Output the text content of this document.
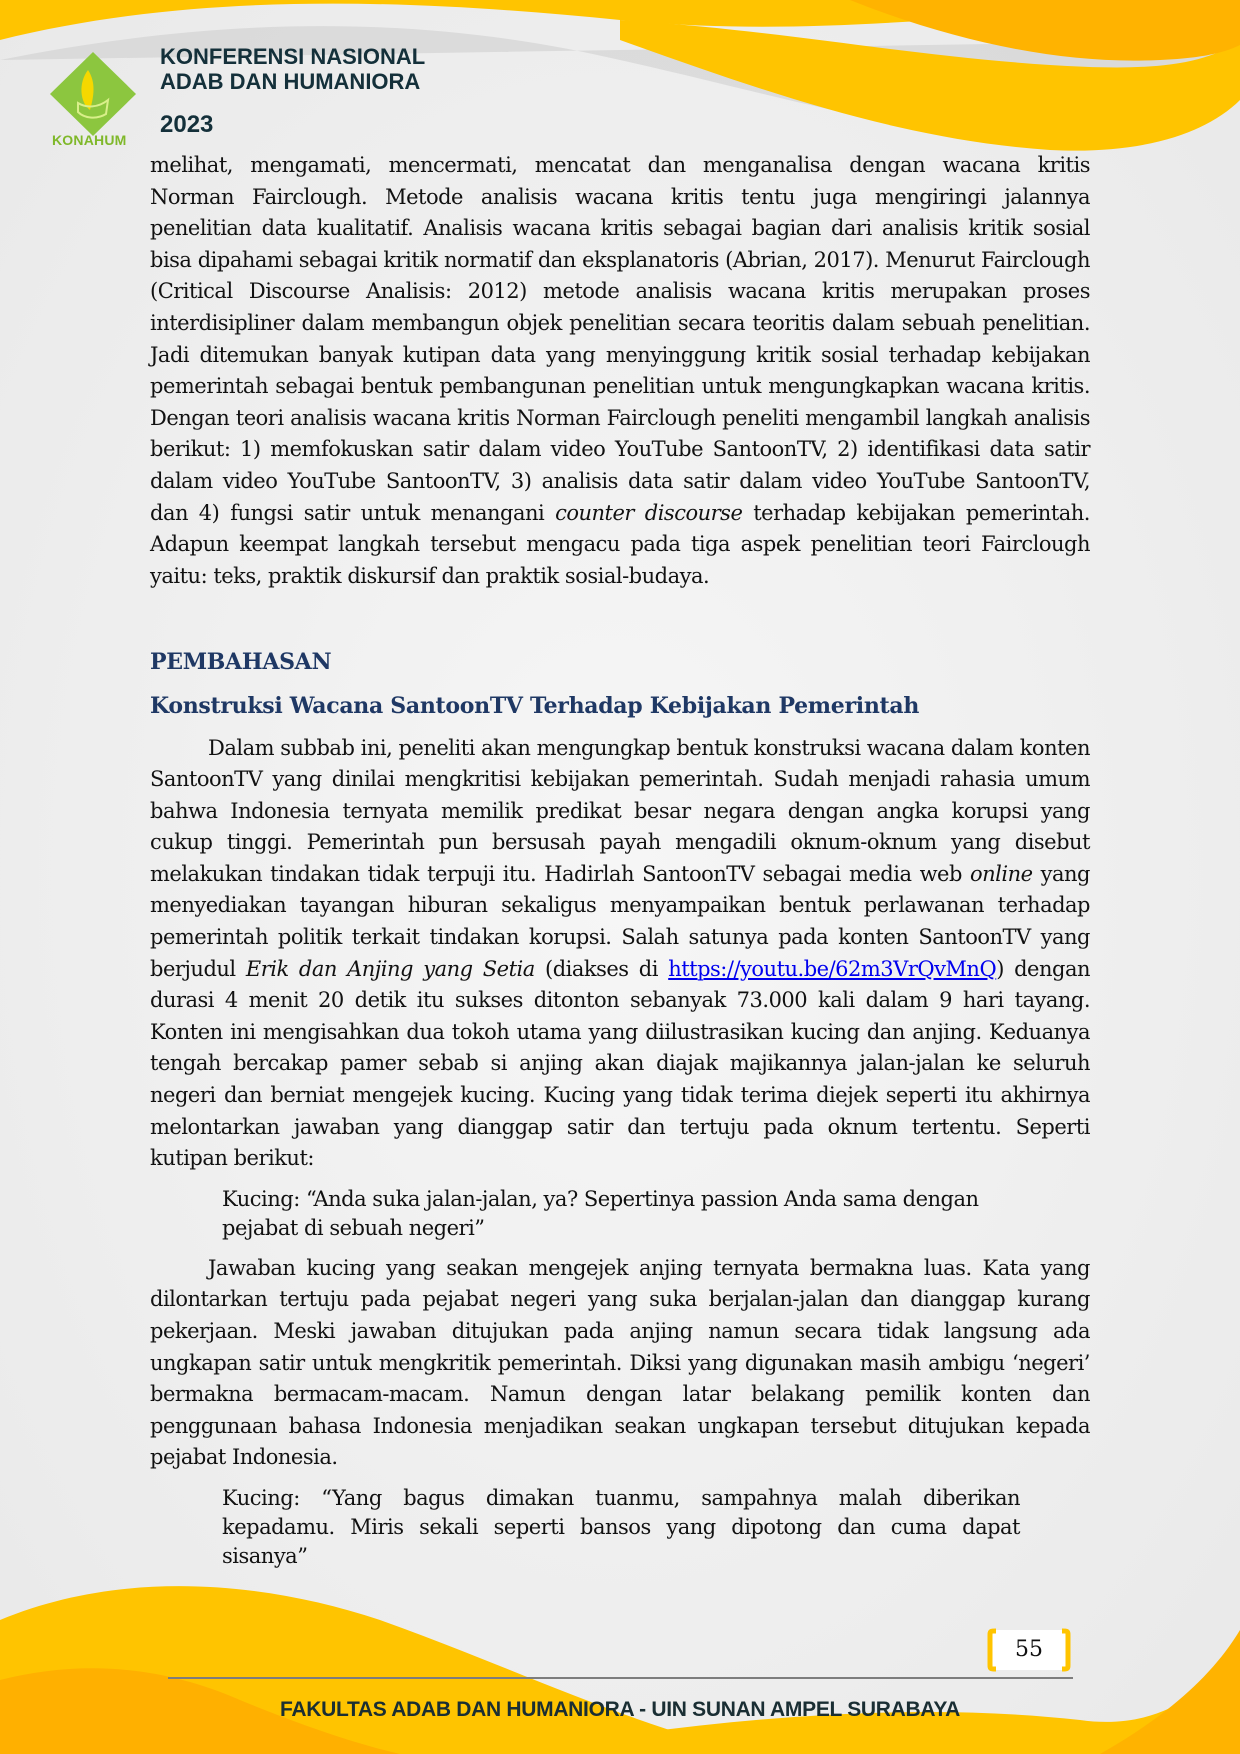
KONAHUM
KONFERENSI NASIONAL
ADAB DAN HUMANIORA
2023

melihat, mengamati, mencermati, mencatat dan menganalisa dengan wacana kritis Norman Fairclough. Metode analisis wacana kritis tentu juga mengiringi jalannya penelitian data kualitatif. Analisis wacana kritis sebagai bagian dari analisis kritik sosial bisa dipahami sebagai kritik normatif dan eksplanatoris (Abrian, 2017). Menurut Fairclough (Critical Discourse Analisis: 2012) metode analisis wacana kritis merupakan proses interdisipliner dalam membangun objek penelitian secara teoritis dalam sebuah penelitian. Jadi ditemukan banyak kutipan data yang menyinggung kritik sosial terhadap kebijakan pemerintah sebagai bentuk pembangunan penelitian untuk mengungkapkan wacana kritis. Dengan teori analisis wacana kritis Norman Fairclough peneliti mengambil langkah analisis berikut: 1) memfokuskan satir dalam video YouTube SantoonTV, 2) identifikasi data satir dalam video YouTube SantoonTV, 3) analisis data satir dalam video YouTube SantoonTV, dan 4) fungsi satir untuk menangani counter discourse terhadap kebijakan pemerintah. Adapun keempat langkah tersebut mengacu pada tiga aspek penelitian teori Fairclough yaitu: teks, praktik diskursif dan praktik sosial-budaya.

PEMBAHASAN
Konstruksi Wacana SantoonTV Terhadap Kebijakan Pemerintah

Dalam subbab ini, peneliti akan mengungkap bentuk konstruksi wacana dalam konten SantoonTV yang dinilai mengkritisi kebijakan pemerintah. Sudah menjadi rahasia umum bahwa Indonesia ternyata memilik predikat besar negara dengan angka korupsi yang cukup tinggi. Pemerintah pun bersusah payah mengadili oknum-oknum yang disebut melakukan tindakan tidak terpuji itu. Hadirlah SantoonTV sebagai media web online yang menyediakan tayangan hiburan sekaligus menyampaikan bentuk perlawanan terhadap pemerintah politik terkait tindakan korupsi. Salah satunya pada konten SantoonTV yang berjudul Erik dan Anjing yang Setia (diakses di https://youtu.be/62m3VrQvMnQ) dengan durasi 4 menit 20 detik itu sukses ditonton sebanyak 73.000 kali dalam 9 hari tayang. Konten ini mengisahkan dua tokoh utama yang diilustrasikan kucing dan anjing. Keduanya tengah bercakap pamer sebab si anjing akan diajak majikannya jalan-jalan ke seluruh negeri dan berniat mengejek kucing. Kucing yang tidak terima diejek seperti itu akhirnya melontarkan jawaban yang dianggap satir dan tertuju pada oknum tertentu. Seperti kutipan berikut:

Kucing: “Anda suka jalan-jalan, ya? Sepertinya passion Anda sama dengan pejabat di sebuah negeri”

Jawaban kucing yang seakan mengejek anjing ternyata bermakna luas. Kata yang dilontarkan tertuju pada pejabat negeri yang suka berjalan-jalan dan dianggap kurang pekerjaan. Meski jawaban ditujukan pada anjing namun secara tidak langsung ada ungkapan satir untuk mengkritik pemerintah. Diksi yang digunakan masih ambigu ‘negeri’ bermakna bermacam-macam. Namun dengan latar belakang pemilik konten dan penggunaan bahasa Indonesia menjadikan seakan ungkapan tersebut ditujukan kepada pejabat Indonesia.

Kucing: “Yang bagus dimakan tuanmu, sampahnya malah diberikan kepadamu. Miris sekali seperti bansos yang dipotong dan cuma dapat sisanya”

55
FAKULTAS ADAB DAN HUMANIORA - UIN SUNAN AMPEL SURABAYA
